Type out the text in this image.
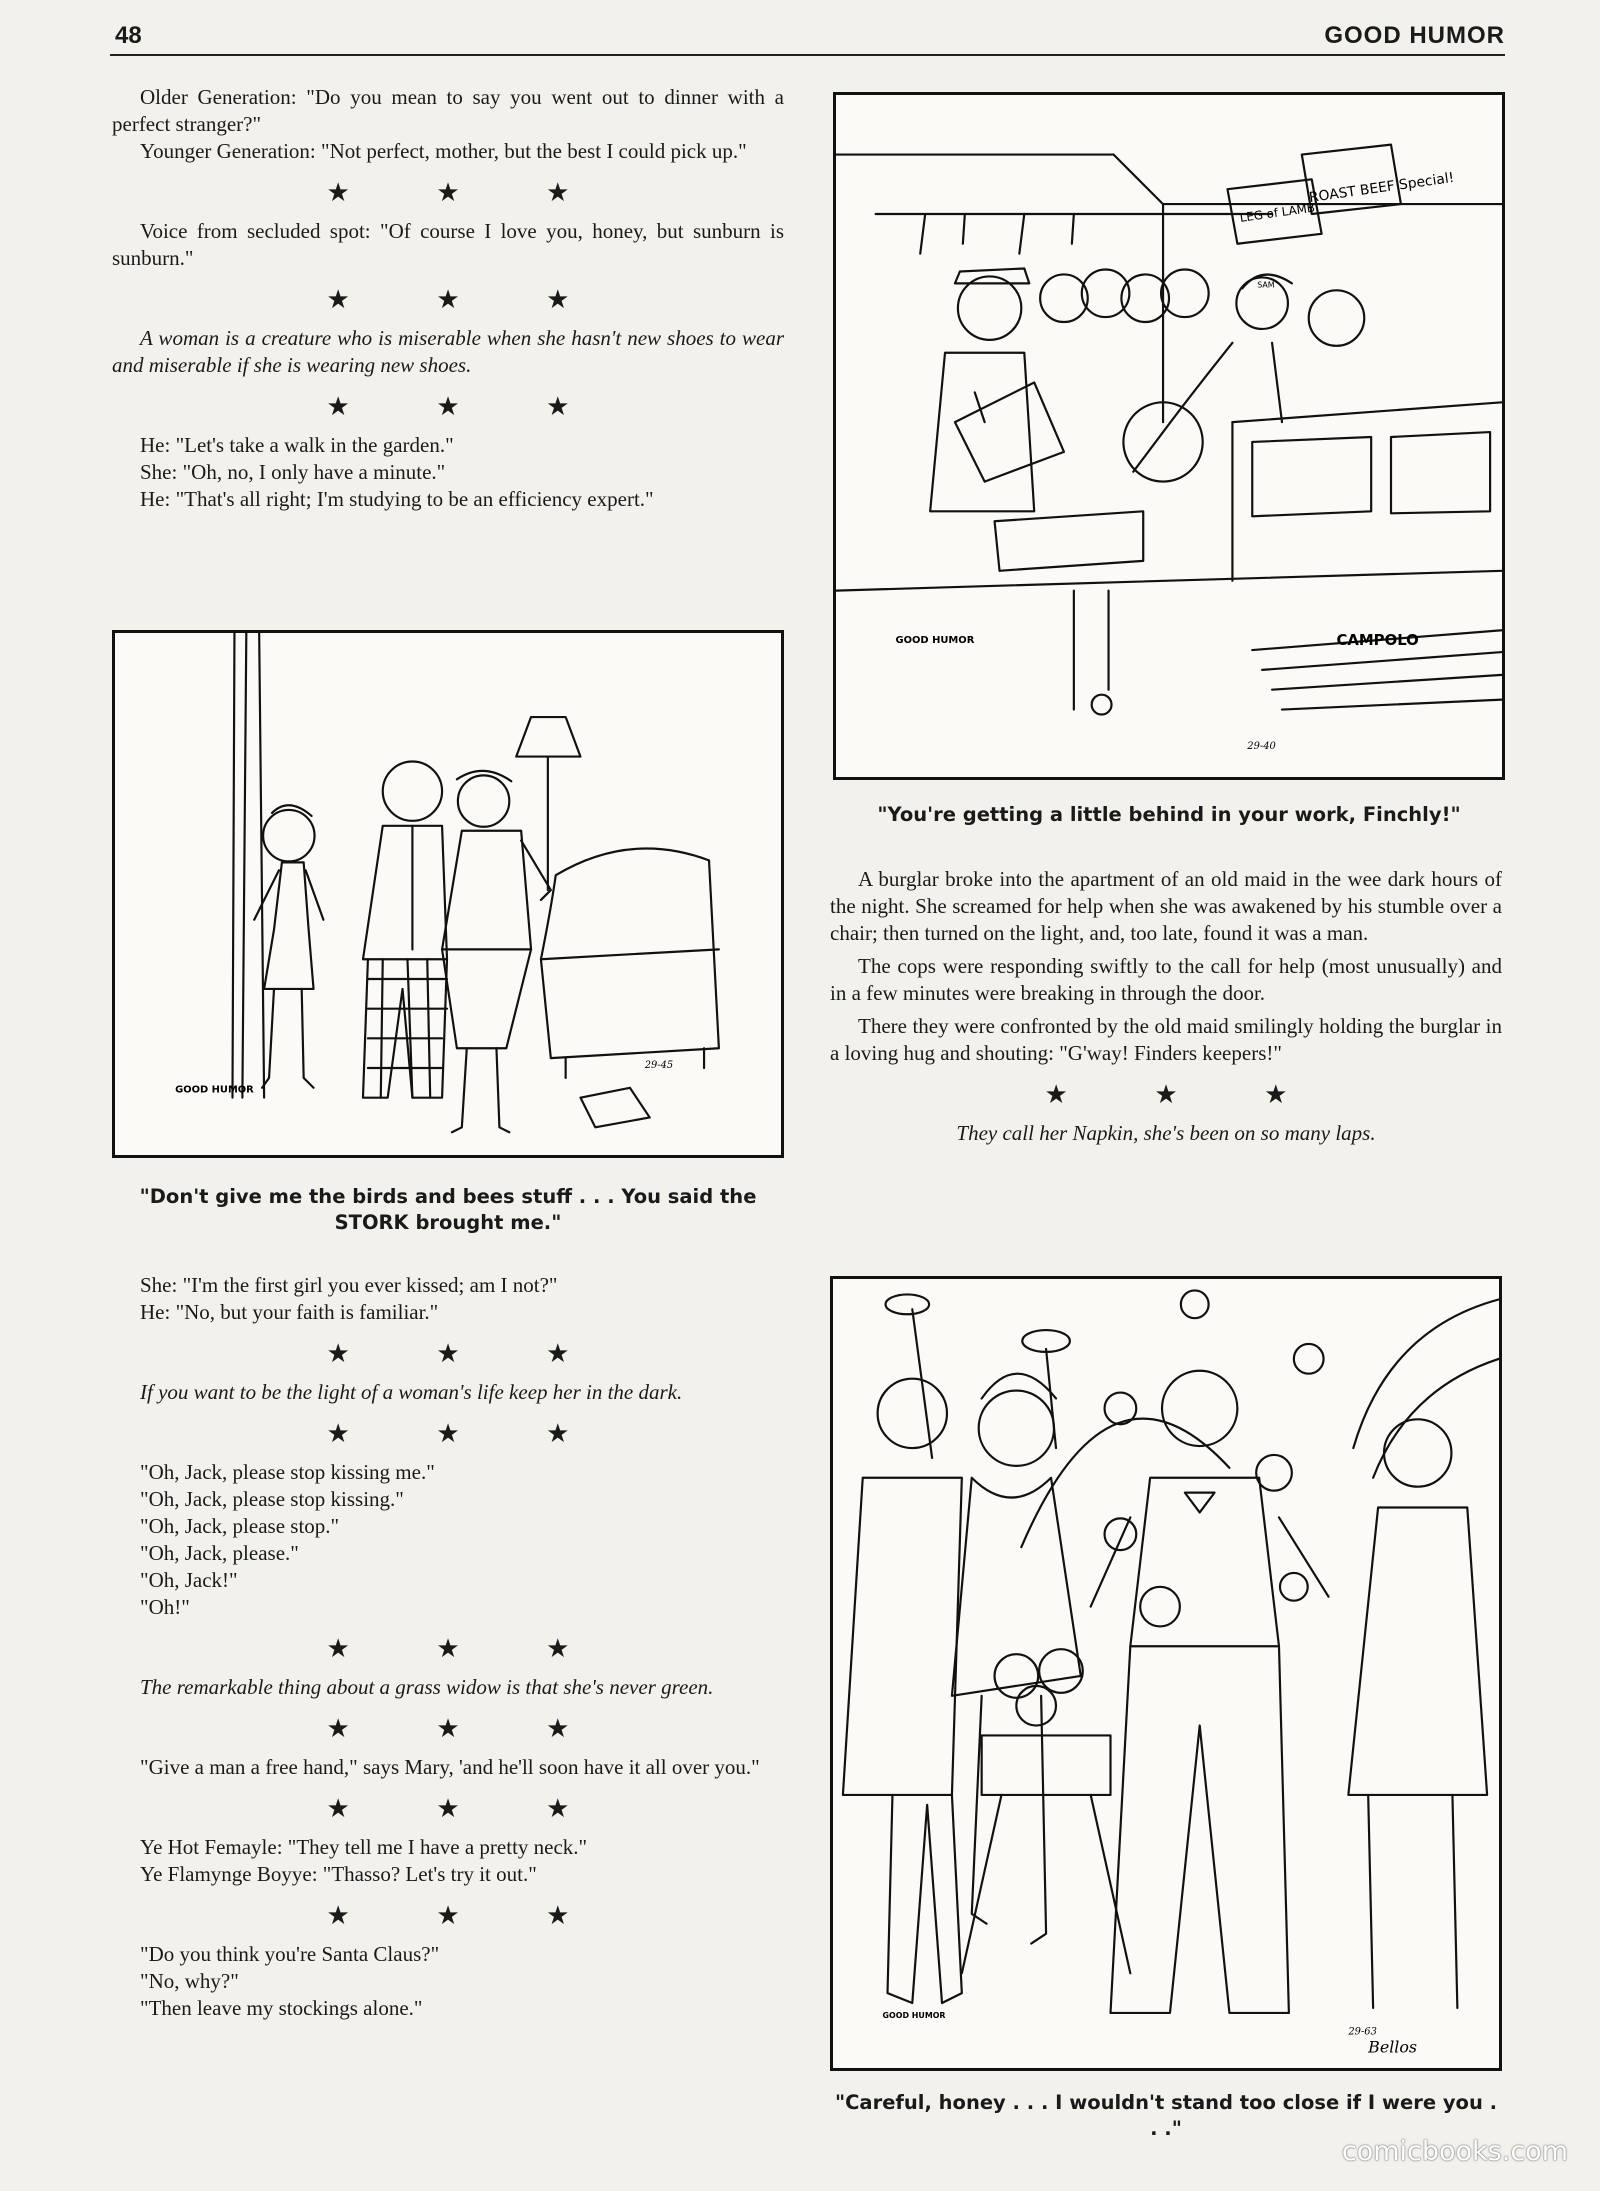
48	GOOD HUMOR

Older Generation: "Do you mean to say you went out to dinner with a perfect stranger?"

Younger Generation: "Not perfect, mother, but the best I could pick up."

★ ★ ★

Voice from secluded spot: "Of course I love you, honey, but sunburn is sunburn."

★ ★ ★

A woman is a creature who is miserable when she hasn't new shoes to wear and miserable if she is wearing new shoes.

★ ★ ★

He: "Let's take a walk in the garden."

She: "Oh, no, I only have a minute."

He: "That's all right; I'm studying to be an efficiency expert."

GOOD HUMOR
29-45
"Don't give me the birds and bees stuff . . . You said the STORK brought me."

She: "I'm the first girl you ever kissed; am I not?"

He: "No, but your faith is familiar."

★ ★ ★

If you want to be the light of a woman's life keep her in the dark.

★ ★ ★

"Oh, Jack, please stop kissing me."

"Oh, Jack, please stop kissing."

"Oh, Jack, please stop."

"Oh, Jack, please."

"Oh, Jack!"

"Oh!"

★ ★ ★

The remarkable thing about a grass widow is that she's never green.

★ ★ ★

"Give a man a free hand," says Mary, 'and he'll soon have it all over you."

★ ★ ★

Ye Hot Femayle: "They tell me I have a pretty neck."

Ye Flamynge Boyye: "Thasso? Let's try it out."

★ ★ ★

"Do you think you're Santa Claus?"

"No, why?"

"Then leave my stockings alone."

ROAST BEEF Special!
LEG of LAMB
GOOD HUMOR	CAMPOLO
29-40
SAM
"You're getting a little behind in your work, Finchly!"

A burglar broke into the apartment of an old maid in the wee dark hours of the night. She screamed for help when she was awakened by his stumble over a chair; then turned on the light, and, too late, found it was a man.

The cops were responding swiftly to the call for help (most unusually) and in a few minutes were breaking in through the door.

There they were confronted by the old maid smilingly holding the burglar in a loving hug and shouting: "G'way! Finders keepers!"

★ ★ ★

They call her Napkin, she's been on so many laps.

GOOD HUMOR
29-63
Bellos
"Careful, honey . . . I wouldn't stand too close if I were you . . ."
comicbooks.com
